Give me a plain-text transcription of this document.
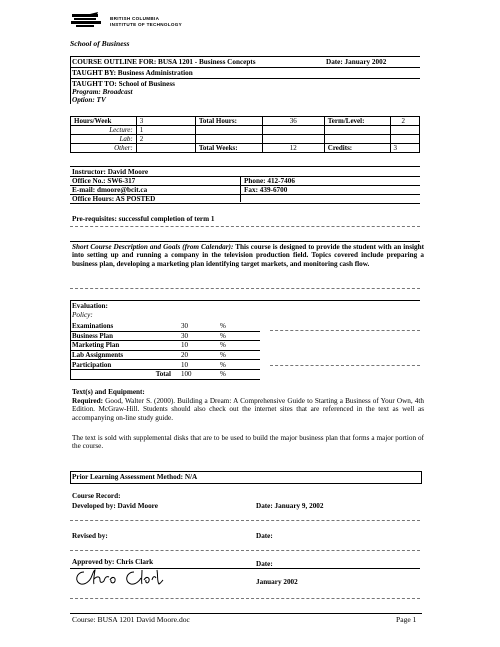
BRITISH COLUMBIA
INSTITUTE OF TECHNOLOGY
School of Business
COURSE OUTLINE FOR: BUSA 1201 - Business Concepts	Date: January 2002
TAUGHT BY: Business Administration
TAUGHT TO: School of Business
Program: Broadcast
Option: TV
Hours/Week	3	Total Hours:	36	Term/Level:	2
Lecture:	1				
Lab:	2				
Other:		Total Weeks:	12	Credits:	3
Instructor: David Moore
Office No.: SW6-317	Phone: 412-7406
E-mail: dmoore@bcit.ca	Fax: 439-6700
Office Hours: AS POSTED
Pre-requisites: successful completion of term 1
Short Course Description and Goals (from Calendar): This course is designed to provide the student with an insight into setting up and running a company in the television production field. Topics covered include preparing a business plan, developing a marketing plan identifying target markets, and monitoring cash flow.
Evaluation:
Policy:
Examinations	30	%
Business Plan	30	%
Marketing Plan	10	%
Lab Assignments	20	%
Participation	10	%
Total	100	%
Text(s) and Equipment:
Required: Good, Walter S. (2000). Building a Dream: A Comprehensive Guide to Starting a Business of Your Own, 4th Edition. McGraw-Hill. Students should also check out the internet sites that are referenced in the text as well as accompanying on-line study guide.
The text is sold with supplemental disks that are to be used to build the major business plan that forms a major portion of the course.
Prior Learning Assessment Method: N/A
Course Record:
Developed by: David Moore	Date: January 9, 2002
Revised by:	Date:
Approved by: Chris Clark	Date:
January 2002
Course: BUSA 1201 David Moore.doc	Page 1
